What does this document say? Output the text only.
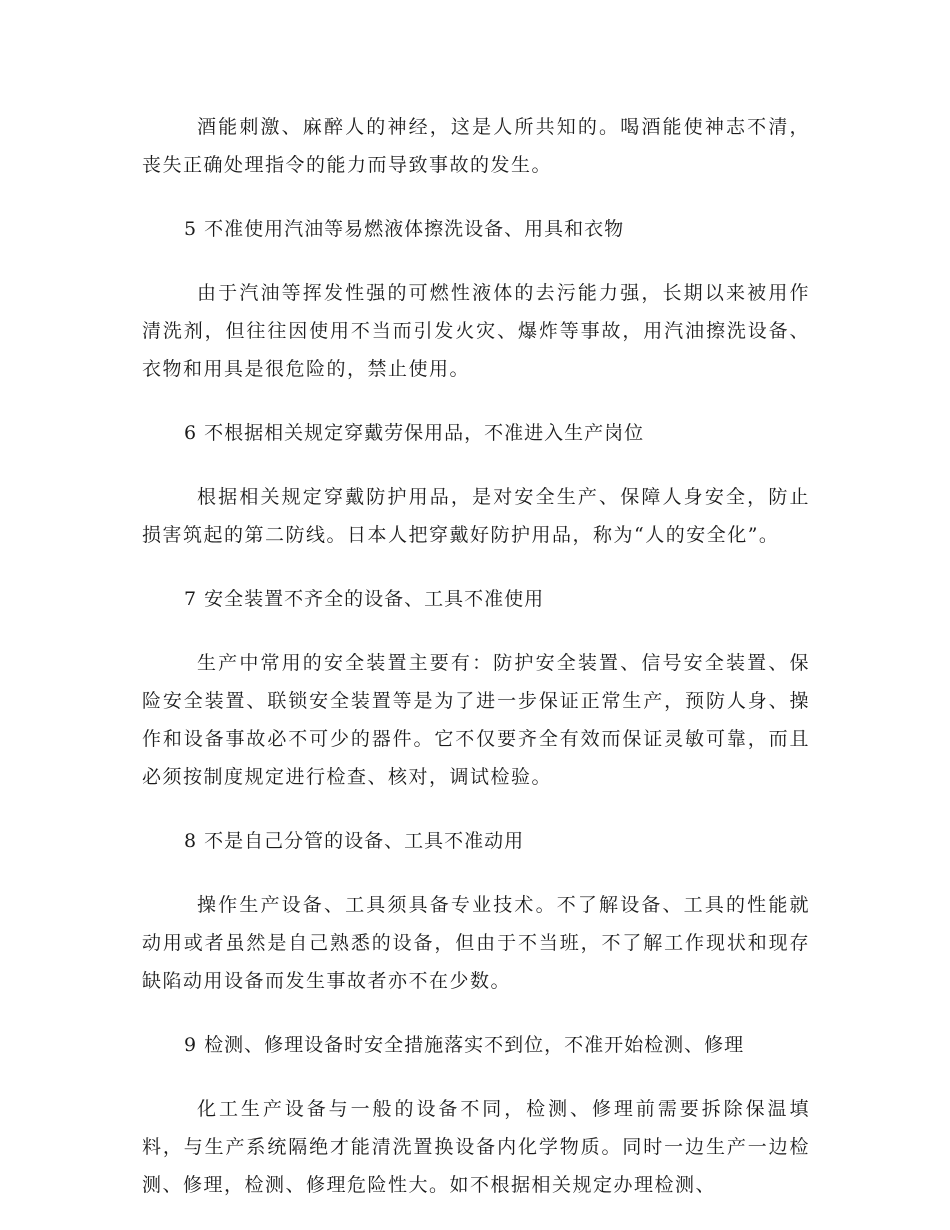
酒能刺激、麻醉人的神经，这是人所共知的。喝酒能使神志不清，丧失正确处理指令的能力而导致事故的发生。

5 不准使用汽油等易燃液体擦洗设备、用具和衣物

由于汽油等挥发性强的可燃性液体的去污能力强，长期以来被用作清洗剂，但往往因使用不当而引发火灾、爆炸等事故，用汽油擦洗设备、衣物和用具是很危险的，禁止使用。

6 不根据相关规定穿戴劳保用品，不准进入生产岗位

根据相关规定穿戴防护用品，是对安全生产、保障人身安全，防止损害筑起的第二防线。日本人把穿戴好防护用品，称为“人的安全化”。

7 安全装置不齐全的设备、工具不准使用

生产中常用的安全装置主要有：防护安全装置、信号安全装置、保险安全装置、联锁安全装置等是为了进一步保证正常生产，预防人身、操作和设备事故必不可少的器件。它不仅要齐全有效而保证灵敏可靠，而且必须按制度规定进行检查、核对，调试检验。

8 不是自己分管的设备、工具不准动用

操作生产设备、工具须具备专业技术。不了解设备、工具的性能就动用或者虽然是自己熟悉的设备，但由于不当班，不了解工作现状和现存缺陷动用设备而发生事故者亦不在少数。

9 检测、修理设备时安全措施落实不到位，不准开始检测、修理

化工生产设备与一般的设备不同，检测、修理前需要拆除保温填料，与生产系统隔绝才能清洗置换设备内化学物质。同时一边生产一边检测、修理，检测、修理危险性大。如不根据相关规定办理检测、
